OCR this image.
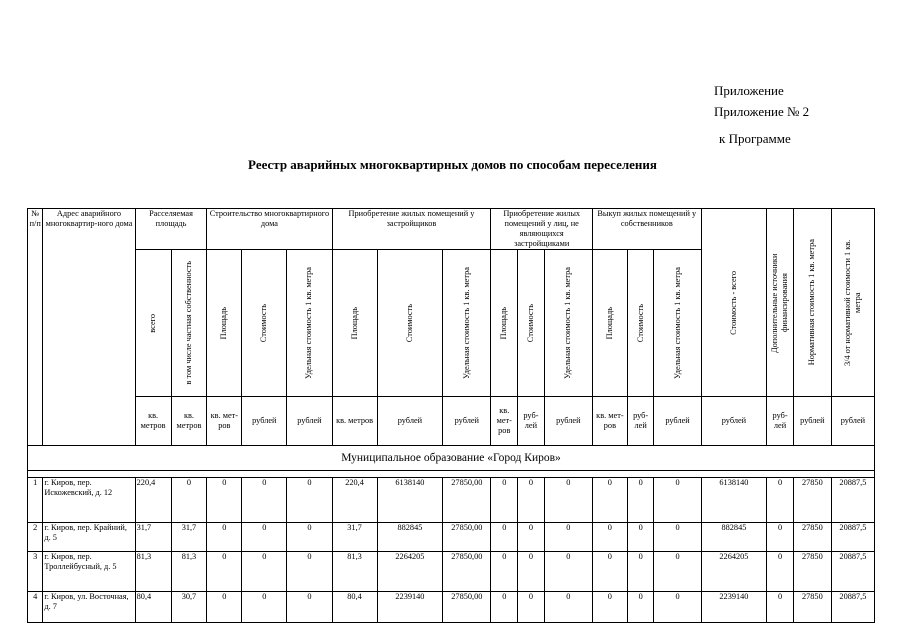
Приложение
Приложение № 2
к Программе
Реестр аварийных многоквартирных домов по способам переселения
№ п/п	Адрес аварийного многоквартир-ного дома	Расселяемая площадь		Строительство многоквартирного дома			Приобретение жилых помещений у застройщиков			Приобретение жилых помещений у лиц, не являющихся застройщиками			Выкуп жилых помещений у собственников			Стоимость - всего	Дополнительные источники финансирования	Нормативная стоимость 1 кв. метра	3/4 от нормативной стоимости 1 кв. метра

		всего	в том числе частная собственность	Площадь	Стоимость	Удельная стоимость 1 кв. метра	Площадь	Стоимость	Удельная стоимость 1 кв. метра	Площадь	Стоимость	Удельная стоимость 1 кв. метра	Площадь	Стоимость	Удельная стоимость 1 кв. метра				

		кв. метров	кв. метров	кв. мет-ров	рублей	рублей	кв. метров	рублей	рублей	кв. мет-ров	руб-лей	рублей	кв. мет-ров	руб-лей	рублей	рублей	руб-лей	рублей	рублей
Муниципальное образование «Город Киров»																			

1	г. Киров, пер. Искожевский, д. 12	220,4	0	0	0	0	220,4	6138140	27850,00	0	0	0	0	0	0	6138140	0	27850	20887,5
2	г. Киров, пер. Крайний, д. 5	31,7	31,7	0	0	0	31,7	882845	27850,00	0	0	0	0	0	0	882845	0	27850	20887,5
3	г. Киров, пер. Троллейбусный, д. 5	81,3	81,3	0	0	0	81,3	2264205	27850,00	0	0	0	0	0	0	2264205	0	27850	20887,5
4	г. Киров, ул. Восточная, д. 7	80,4	30,7	0	0	0	80,4	2239140	27850,00	0	0	0	0	0	0	2239140	0	27850	20887,5
